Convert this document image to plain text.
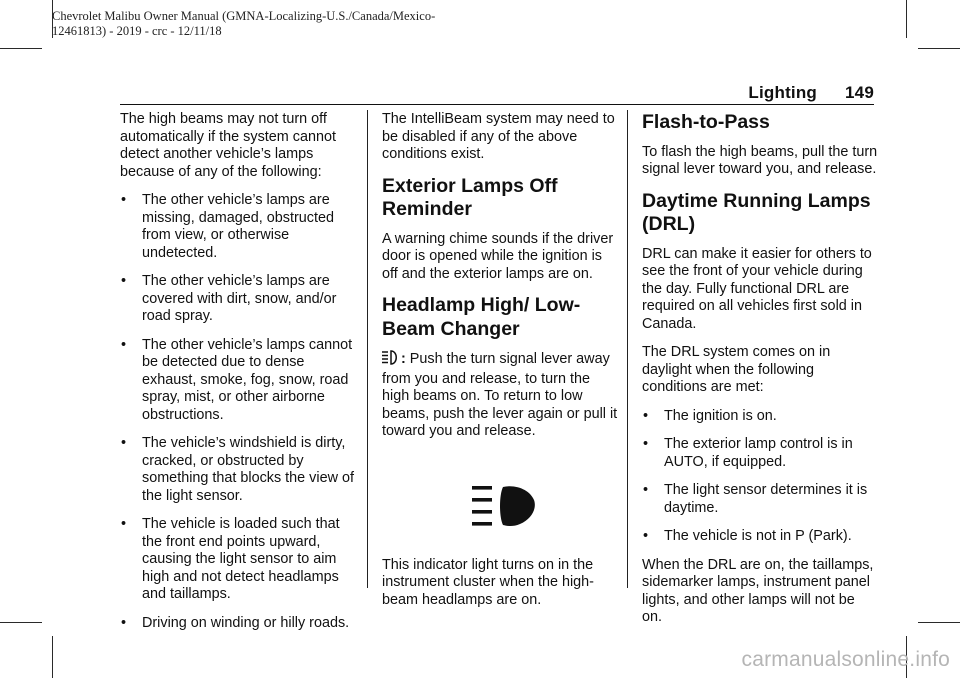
Chevrolet Malibu Owner Manual (GMNA-Localizing-U.S./Canada/Mexico-
12461813) - 2019 - crc - 12/11/18
Lighting 149

The high beams may not turn off automatically if the system cannot detect another vehicle’s lamps because of any of the following:

• The other vehicle’s lamps are missing, damaged, obstructed from view, or otherwise undetected.
• The other vehicle’s lamps are covered with dirt, snow, and/or road spray.
• The other vehicle’s lamps cannot be detected due to dense exhaust, smoke, fog, snow, road spray, mist, or other airborne obstructions.
• The vehicle’s windshield is dirty, cracked, or obstructed by something that blocks the view of the light sensor.
• The vehicle is loaded such that the front end points upward, causing the light sensor to aim high and not detect headlamps and taillamps.
• Driving on winding or hilly roads.

The IntelliBeam system may need to be disabled if any of the above conditions exist.

Exterior Lamps Off Reminder

A warning chime sounds if the driver door is opened while the ignition is off and the exterior lamps are on.

Headlamp High/ Low-Beam Changer

: Push the turn signal lever away from you and release, to turn the high beams on. To return to low beams, push the lever again or pull it toward you and release.

This indicator light turns on in the instrument cluster when the high-beam headlamps are on.

Flash-to-Pass

To flash the high beams, pull the turn signal lever toward you, and release.

Daytime Running Lamps (DRL)

DRL can make it easier for others to see the front of your vehicle during the day. Fully functional DRL are required on all vehicles first sold in Canada.

The DRL system comes on in daylight when the following conditions are met:

• The ignition is on.
• The exterior lamp control is in AUTO, if equipped.
• The light sensor determines it is daytime.
• The vehicle is not in P (Park).

When the DRL are on, the taillamps, sidemarker lamps, instrument panel lights, and other lamps will not be on.

carmanualsonline.info
